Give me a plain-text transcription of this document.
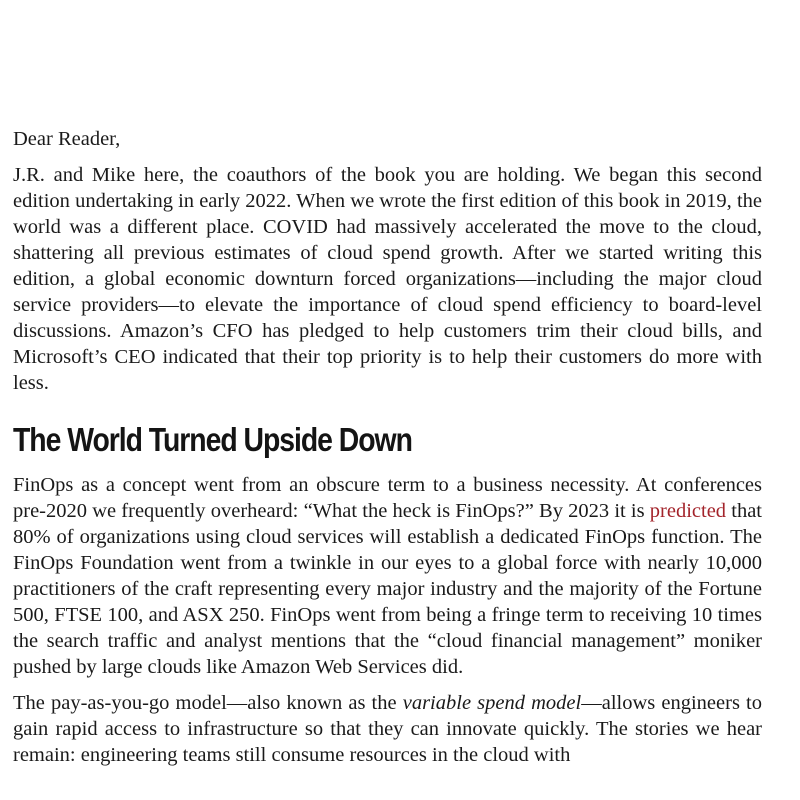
Dear Reader,

J.R. and Mike here, the coauthors of the book you are holding. We began this second edition undertaking in early 2022. When we wrote the first edition of this book in 2019, the world was a different place. COVID had massively accelerated the move to the cloud, shattering all previous estimates of cloud spend growth. After we started writing this edition, a global economic downturn forced organizations—including the major cloud service providers—to elevate the importance of cloud spend efficiency to board-level discussions. Amazon’s CFO has pledged to help customers trim their cloud bills, and Microsoft’s CEO indicated that their top priority is to help their customers do more with less.

The World Turned Upside Down

FinOps as a concept went from an obscure term to a business necessity. At conferences pre-2020 we frequently overheard: “What the heck is FinOps?” By 2023 it is predicted that 80% of organizations using cloud services will establish a dedicated FinOps function. The FinOps Foundation went from a twinkle in our eyes to a global force with nearly 10,000 practitioners of the craft representing every major industry and the majority of the Fortune 500, FTSE 100, and ASX 250. FinOps went from being a fringe term to receiving 10 times the search traffic and analyst mentions that the “cloud financial management” moniker pushed by large clouds like Amazon Web Services did.

The pay-as-you-go model—also known as the variable spend model—allows engineers to gain rapid access to infrastructure so that they can innovate quickly. The stories we hear remain: engineering teams still consume resources in the cloud with
